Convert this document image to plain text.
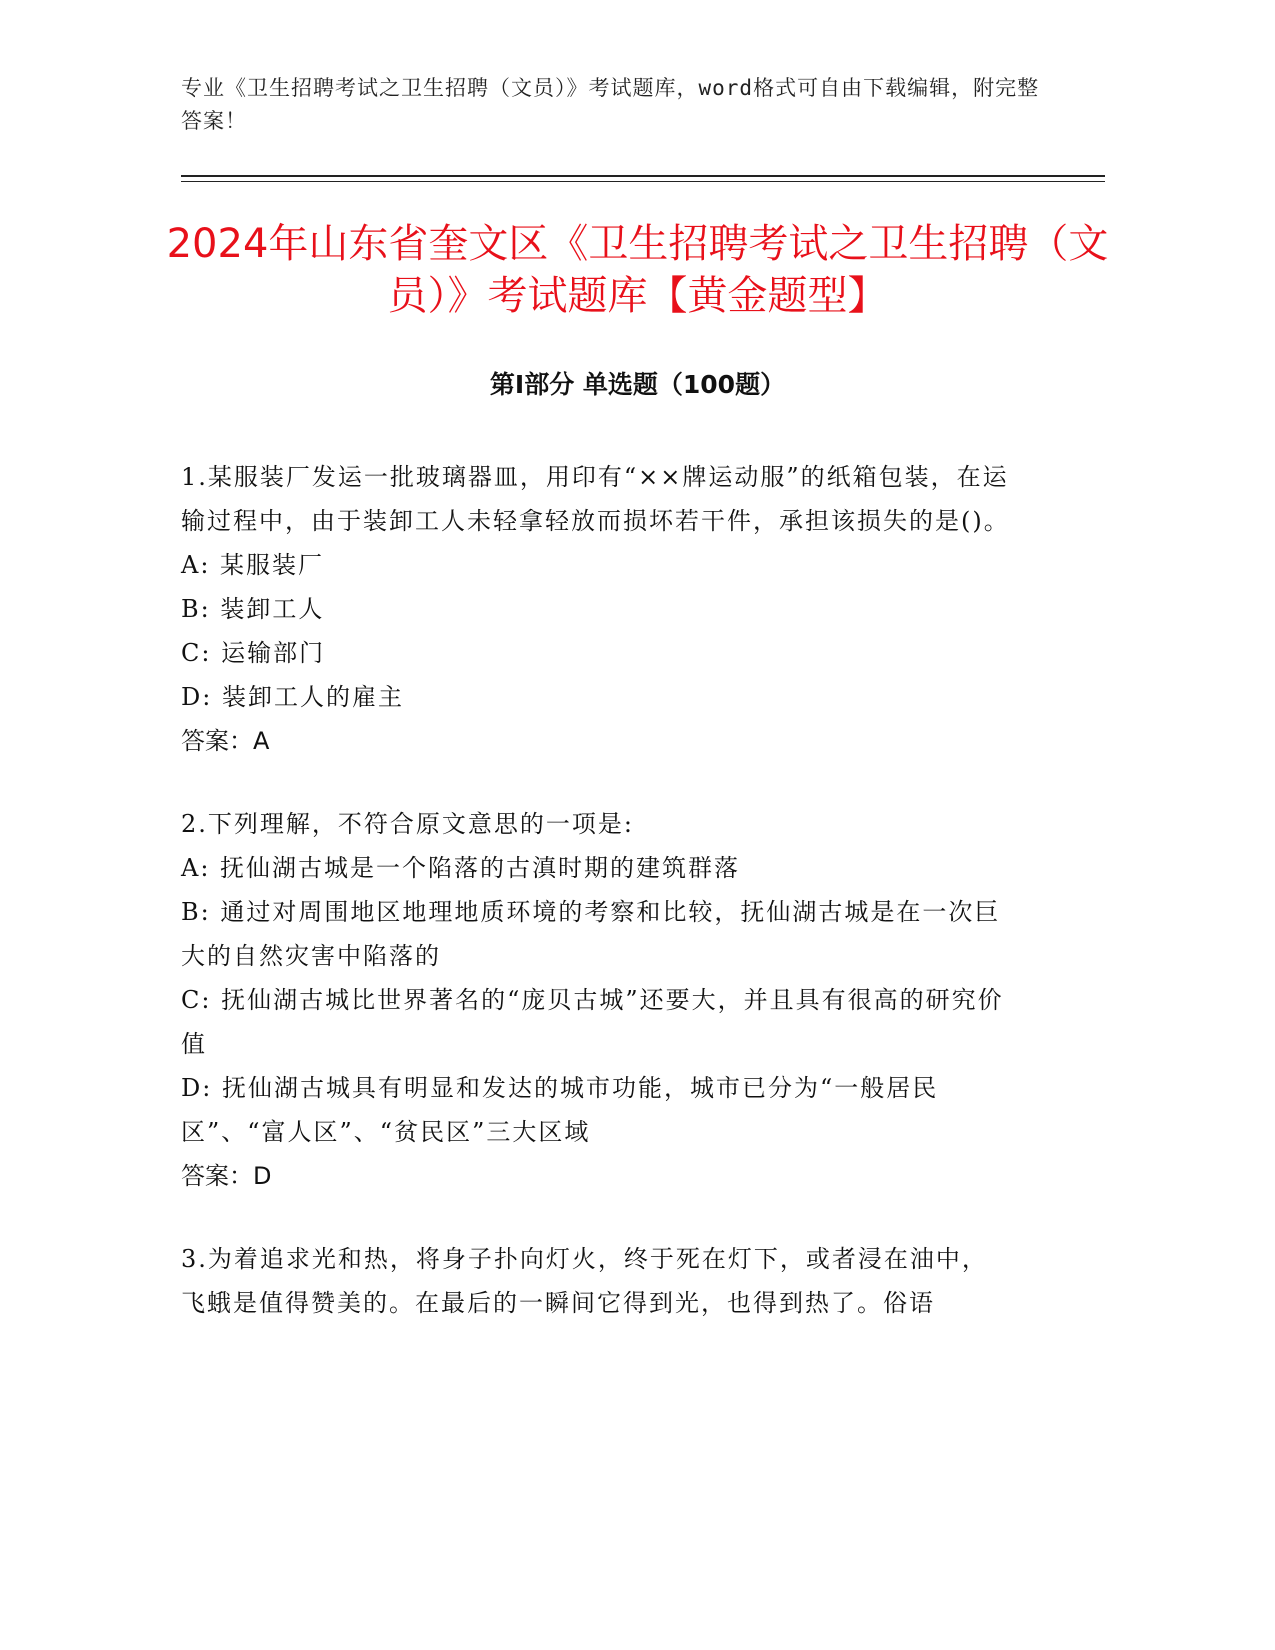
专业《卫生招聘考试之卫生招聘（文员）》考试题库，word格式可自由下载编辑，附完整答案！
2024年山东省奎文区《卫生招聘考试之卫生招聘（文员）》考试题库【黄金题型】
第Ⅰ部分 单选题（100题）

1.某服装厂发运一批玻璃器皿，用印有“××牌运动服”的纸箱包装，在运输过程中，由于装卸工人未轻拿轻放而损坏若干件，承担该损失的是()。

A: 某服装厂

B: 装卸工人

C: 运输部门

D: 装卸工人的雇主

答案：A

2.下列理解，不符合原文意思的一项是:

A: 抚仙湖古城是一个陷落的古滇时期的建筑群落

B: 通过对周围地区地理地质环境的考察和比较，抚仙湖古城是在一次巨大的自然灾害中陷落的

C: 抚仙湖古城比世界著名的“庞贝古城”还要大，并且具有很高的研究价值

D: 抚仙湖古城具有明显和发达的城市功能，城市已分为“一般居民区”、“富人区”、“贫民区”三大区域

答案：D

3.为着追求光和热，将身子扑向灯火，终于死在灯下，或者浸在油中，飞蛾是值得赞美的。在最后的一瞬间它得到光，也得到热了。俗语
